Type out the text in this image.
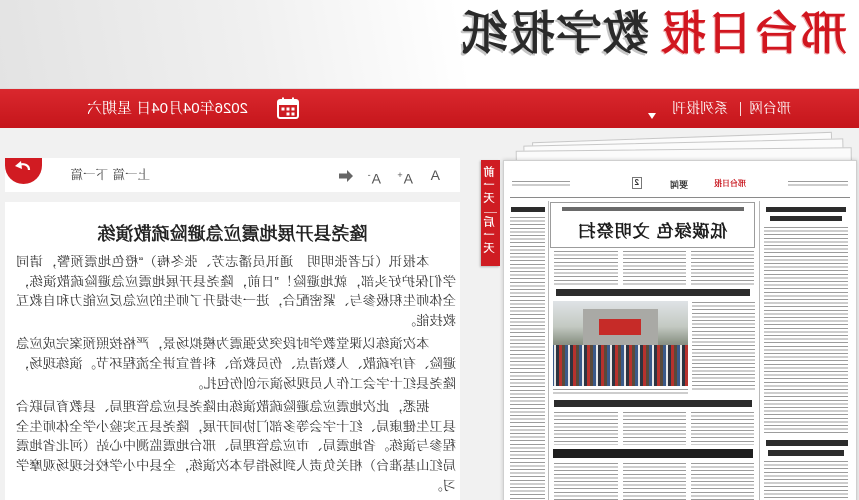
邢台日报数字报纸
邢台网
系列报刊
2026年04月04日 星期六
邢台日报
要闻
2
低碳绿色 文明祭扫
前一天
后一天
A
A+
A-
上一篇
下一篇
隆尧县开展地震应急避险疏散演练

本报讯（记者张明明　通讯员潘志芳、张冬梅）“橙色地震预警，请同学们保护好头部，就地避险！”日前，隆尧县开展地震应急避险疏散演练，全体师生积极参与、紧密配合，进一步提升了师生的应急反应能力和自救互救技能。

本次演练以课堂教学时段突发强震为模拟场景，严格按照预案完成应急避险、有序疏散、人数清点、伤员救治、科普宣讲全流程环节。演练现场，隆尧县红十字会工作人员现场演示创伤包扎。

据悉，此次地震应急避险疏散演练由隆尧县应急管理局、县教育局联合县卫生健康局、红十字会等多部门协同开展，隆尧县五实验小学全体师生全程参与演练。省地震局、市应急管理局、邢台地震监测中心站（河北省地震局红山基准台）相关负责人到场指导本次演练，全县中小学校长现场观摩学习。
